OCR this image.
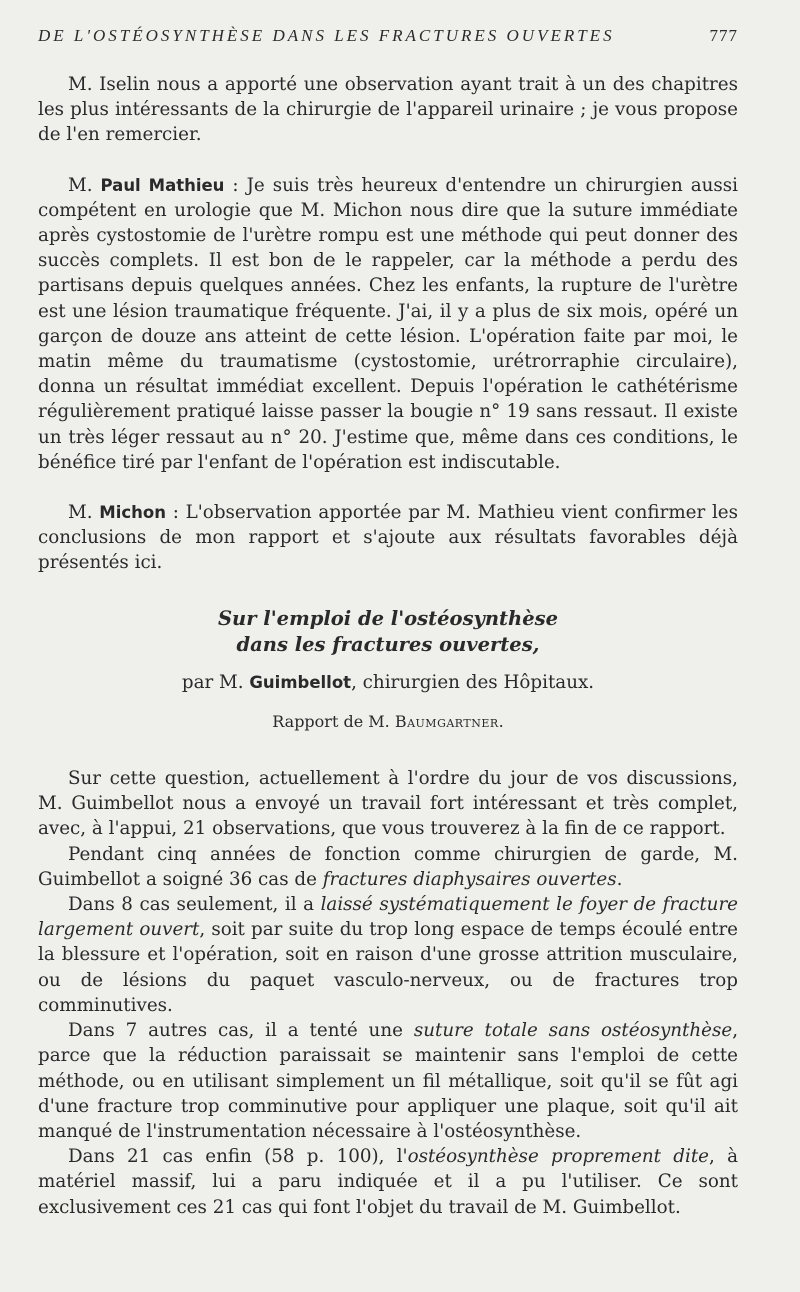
DE L'OSTÉOSYNTHÈSE DANS LES FRACTURES OUVERTES	777

M. Iselin nous a apporté une observation ayant trait à un des chapitres les plus intéressants de la chirurgie de l'appareil urinaire ; je vous propose de l'en remercier.

M. Paul Mathieu : Je suis très heureux d'entendre un chirurgien aussi compétent en urologie que M. Michon nous dire que la suture immédiate après cystostomie de l'urètre rompu est une méthode qui peut donner des succès complets. Il est bon de le rappeler, car la méthode a perdu des partisans depuis quelques années. Chez les enfants, la rupture de l'urètre est une lésion traumatique fréquente. J'ai, il y a plus de six mois, opéré un garçon de douze ans atteint de cette lésion. L'opération faite par moi, le matin même du traumatisme (cystostomie, urétrorraphie circulaire), donna un résultat immédiat excellent. Depuis l'opération le cathétérisme régulièrement pratiqué laisse passer la bougie n° 19 sans ressaut. Il existe un très léger ressaut au n° 20. J'estime que, même dans ces conditions, le bénéfice tiré par l'enfant de l'opération est indiscutable.

M. Michon : L'observation apportée par M. Mathieu vient confirmer les conclusions de mon rapport et s'ajoute aux résultats favorables déjà présentés ici.

Sur l'emploi de l'ostéosynthèse
dans les fractures ouvertes,

par M. Guimbellot, chirurgien des Hôpitaux.

Rapport de M. Baumgartner.

Sur cette question, actuellement à l'ordre du jour de vos discussions, M. Guimbellot nous a envoyé un travail fort intéressant et très complet, avec, à l'appui, 21 observations, que vous trouverez à la fin de ce rapport.

Pendant cinq années de fonction comme chirurgien de garde, M. Guimbellot a soigné 36 cas de fractures diaphysaires ouvertes.

Dans 8 cas seulement, il a laissé systématiquement le foyer de fracture largement ouvert, soit par suite du trop long espace de temps écoulé entre la blessure et l'opération, soit en raison d'une grosse attrition musculaire, ou de lésions du paquet vasculo-nerveux, ou de fractures trop comminutives.

Dans 7 autres cas, il a tenté une suture totale sans ostéosynthèse, parce que la réduction paraissait se maintenir sans l'emploi de cette méthode, ou en utilisant simplement un fil métallique, soit qu'il se fût agi d'une fracture trop comminutive pour appliquer une plaque, soit qu'il ait manqué de l'instrumentation nécessaire à l'ostéosynthèse.

Dans 21 cas enfin (58 p. 100), l'ostéosynthèse proprement dite, à matériel massif, lui a paru indiquée et il a pu l'utiliser. Ce sont exclusivement ces 21 cas qui font l'objet du travail de M. Guimbellot.
